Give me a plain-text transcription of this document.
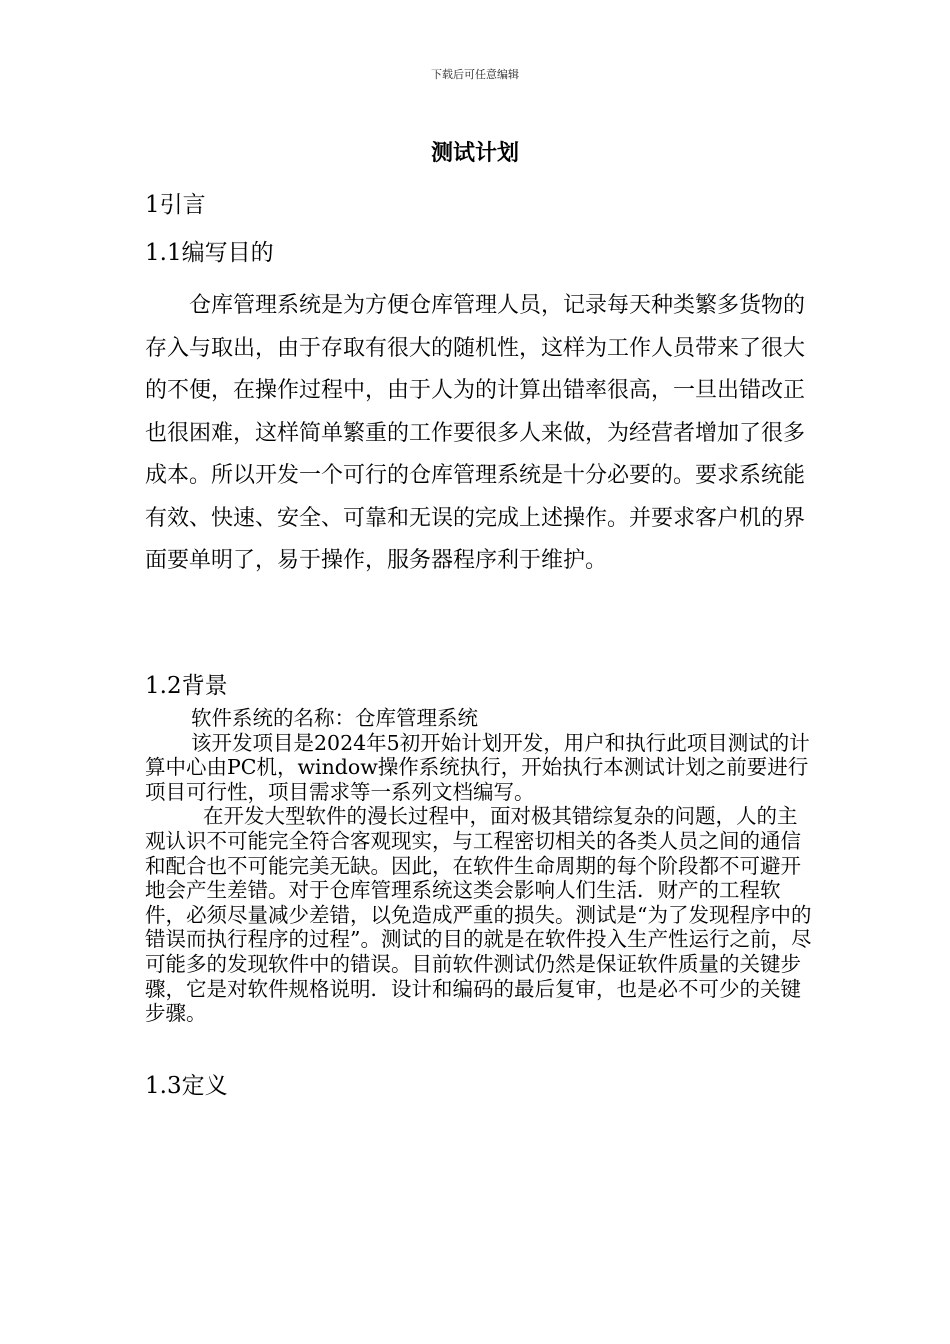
下载后可任意编辑
测试计划
1引言
1.1编写目的

仓库管理系统是为方便仓库管理人员，记录每天种类繁多货物的存入与取出，由于存取有很大的随机性，这样为工作人员带来了很大的不便，在操作过程中，由于人为的计算出错率很高，一旦出错改正也很困难，这样简单繁重的工作要很多人来做，为经营者增加了很多成本。所以开发一个可行的仓库管理系统是十分必要的。要求系统能有效、快速、安全、可靠和无误的完成上述操作。并要求客户机的界面要单明了，易于操作，服务器程序利于维护。

1.2背景

软件系统的名称：仓库管理系统

该开发项目是2024年5初开始计划开发，用户和执行此项目测试的计算中心由PC机，window操作系统执行，开始执行本测试计划之前要进行项目可行性，项目需求等一系列文档编写。

在开发大型软件的漫长过程中，面对极其错综复杂的问题，人的主观认识不可能完全符合客观现实，与工程密切相关的各类人员之间的通信和配合也不可能完美无缺。因此，在软件生命周期的每个阶段都不可避开地会产生差错。对于仓库管理系统这类会影响人们生活．财产的工程软件，必须尽量减少差错，以免造成严重的损失。测试是“为了发现程序中的错误而执行程序的过程”。测试的目的就是在软件投入生产性运行之前，尽可能多的发现软件中的错误。目前软件测试仍然是保证软件质量的关键步骤，它是对软件规格说明．设计和编码的最后复审，也是必不可少的关键步骤。

1.3定义
